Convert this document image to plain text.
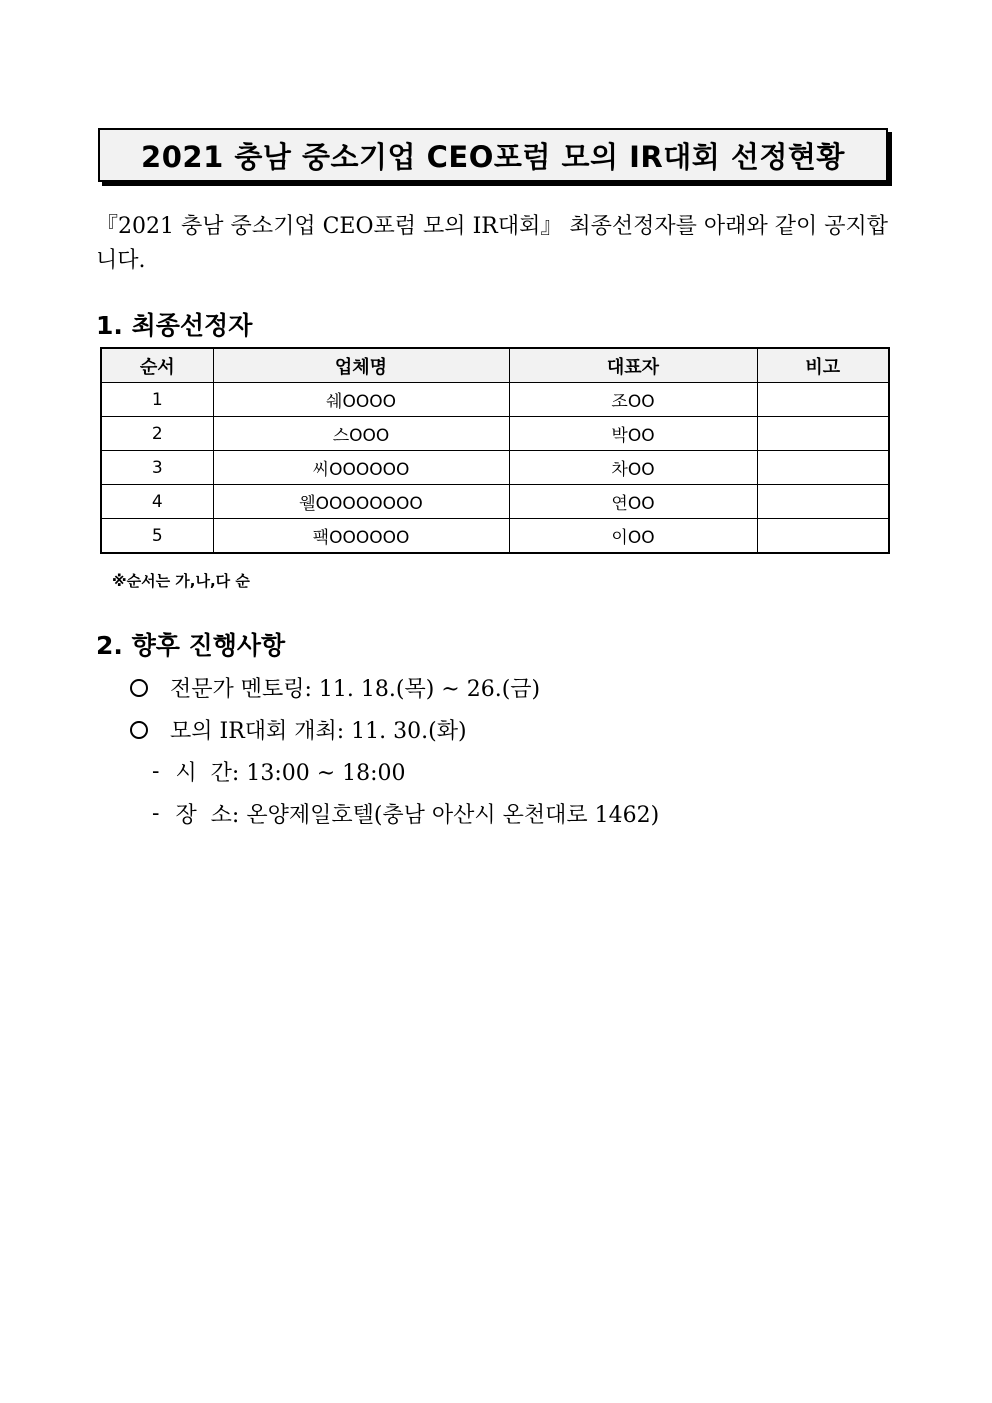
2021 충남 중소기업 CEO포럼 모의 IR대회 선정현황
『2021 충남 중소기업 CEO포럼 모의 IR대회』 최종선정자를 아래와 같이 공지합니다.
1. 최종선정자
순서	업체명	대표자	비고
1	쉐OOOO	조OO	
2	스OOO	박OO	
3	씨OOOOOO	차OO	
4	웰OOOOOOOO	연OO	
5	팩OOOOOO	이OO	
※순서는 가,나,다 순
2. 향후 진행사항
전문가 멘토링: 11. 18.(목) ~ 26.(금)
모의 IR대회 개최: 11. 30.(화)
- 시  간: 13:00 ~ 18:00
- 장  소: 온양제일호텔(충남 아산시 온천대로 1462)
